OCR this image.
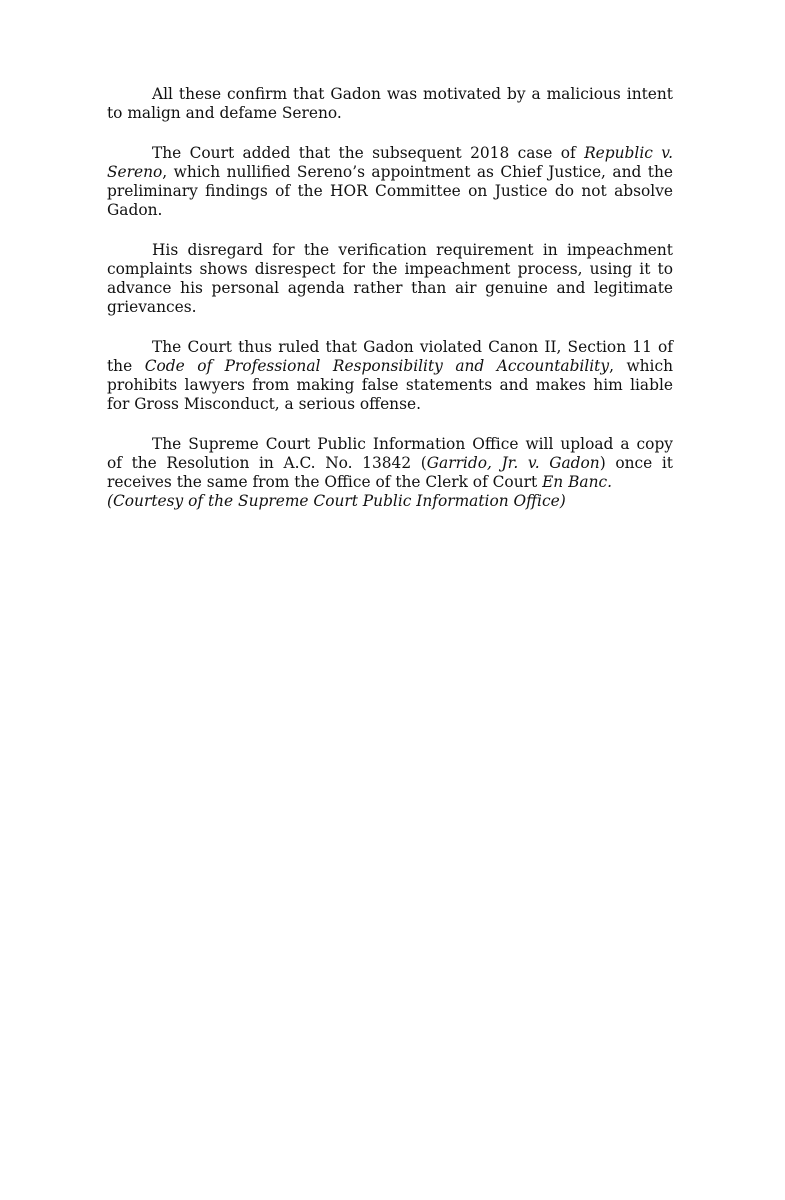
All these confirm that Gadon was motivated by a malicious intent to malign and defame Sereno.

The Court added that the subsequent 2018 case of Republic v. Sereno, which nullified Sereno’s appointment as Chief Justice, and the preliminary findings of the HOR Committee on Justice do not absolve Gadon.

His disregard for the verification requirement in impeachment complaints shows disrespect for the impeachment process, using it to advance his personal agenda rather than air genuine and legitimate grievances.

The Court thus ruled that Gadon violated Canon II, Section 11 of the Code of Professional Responsibility and Accountability, which prohibits lawyers from making false statements and makes him liable for Gross Misconduct, a serious offense.

The Supreme Court Public Information Office will upload a copy of the Resolution in A.C. No. 13842 (Garrido, Jr. v. Gadon) once it receives the same from the Office of the Clerk of Court En Banc.
(Courtesy of the Supreme Court Public Information Office)
